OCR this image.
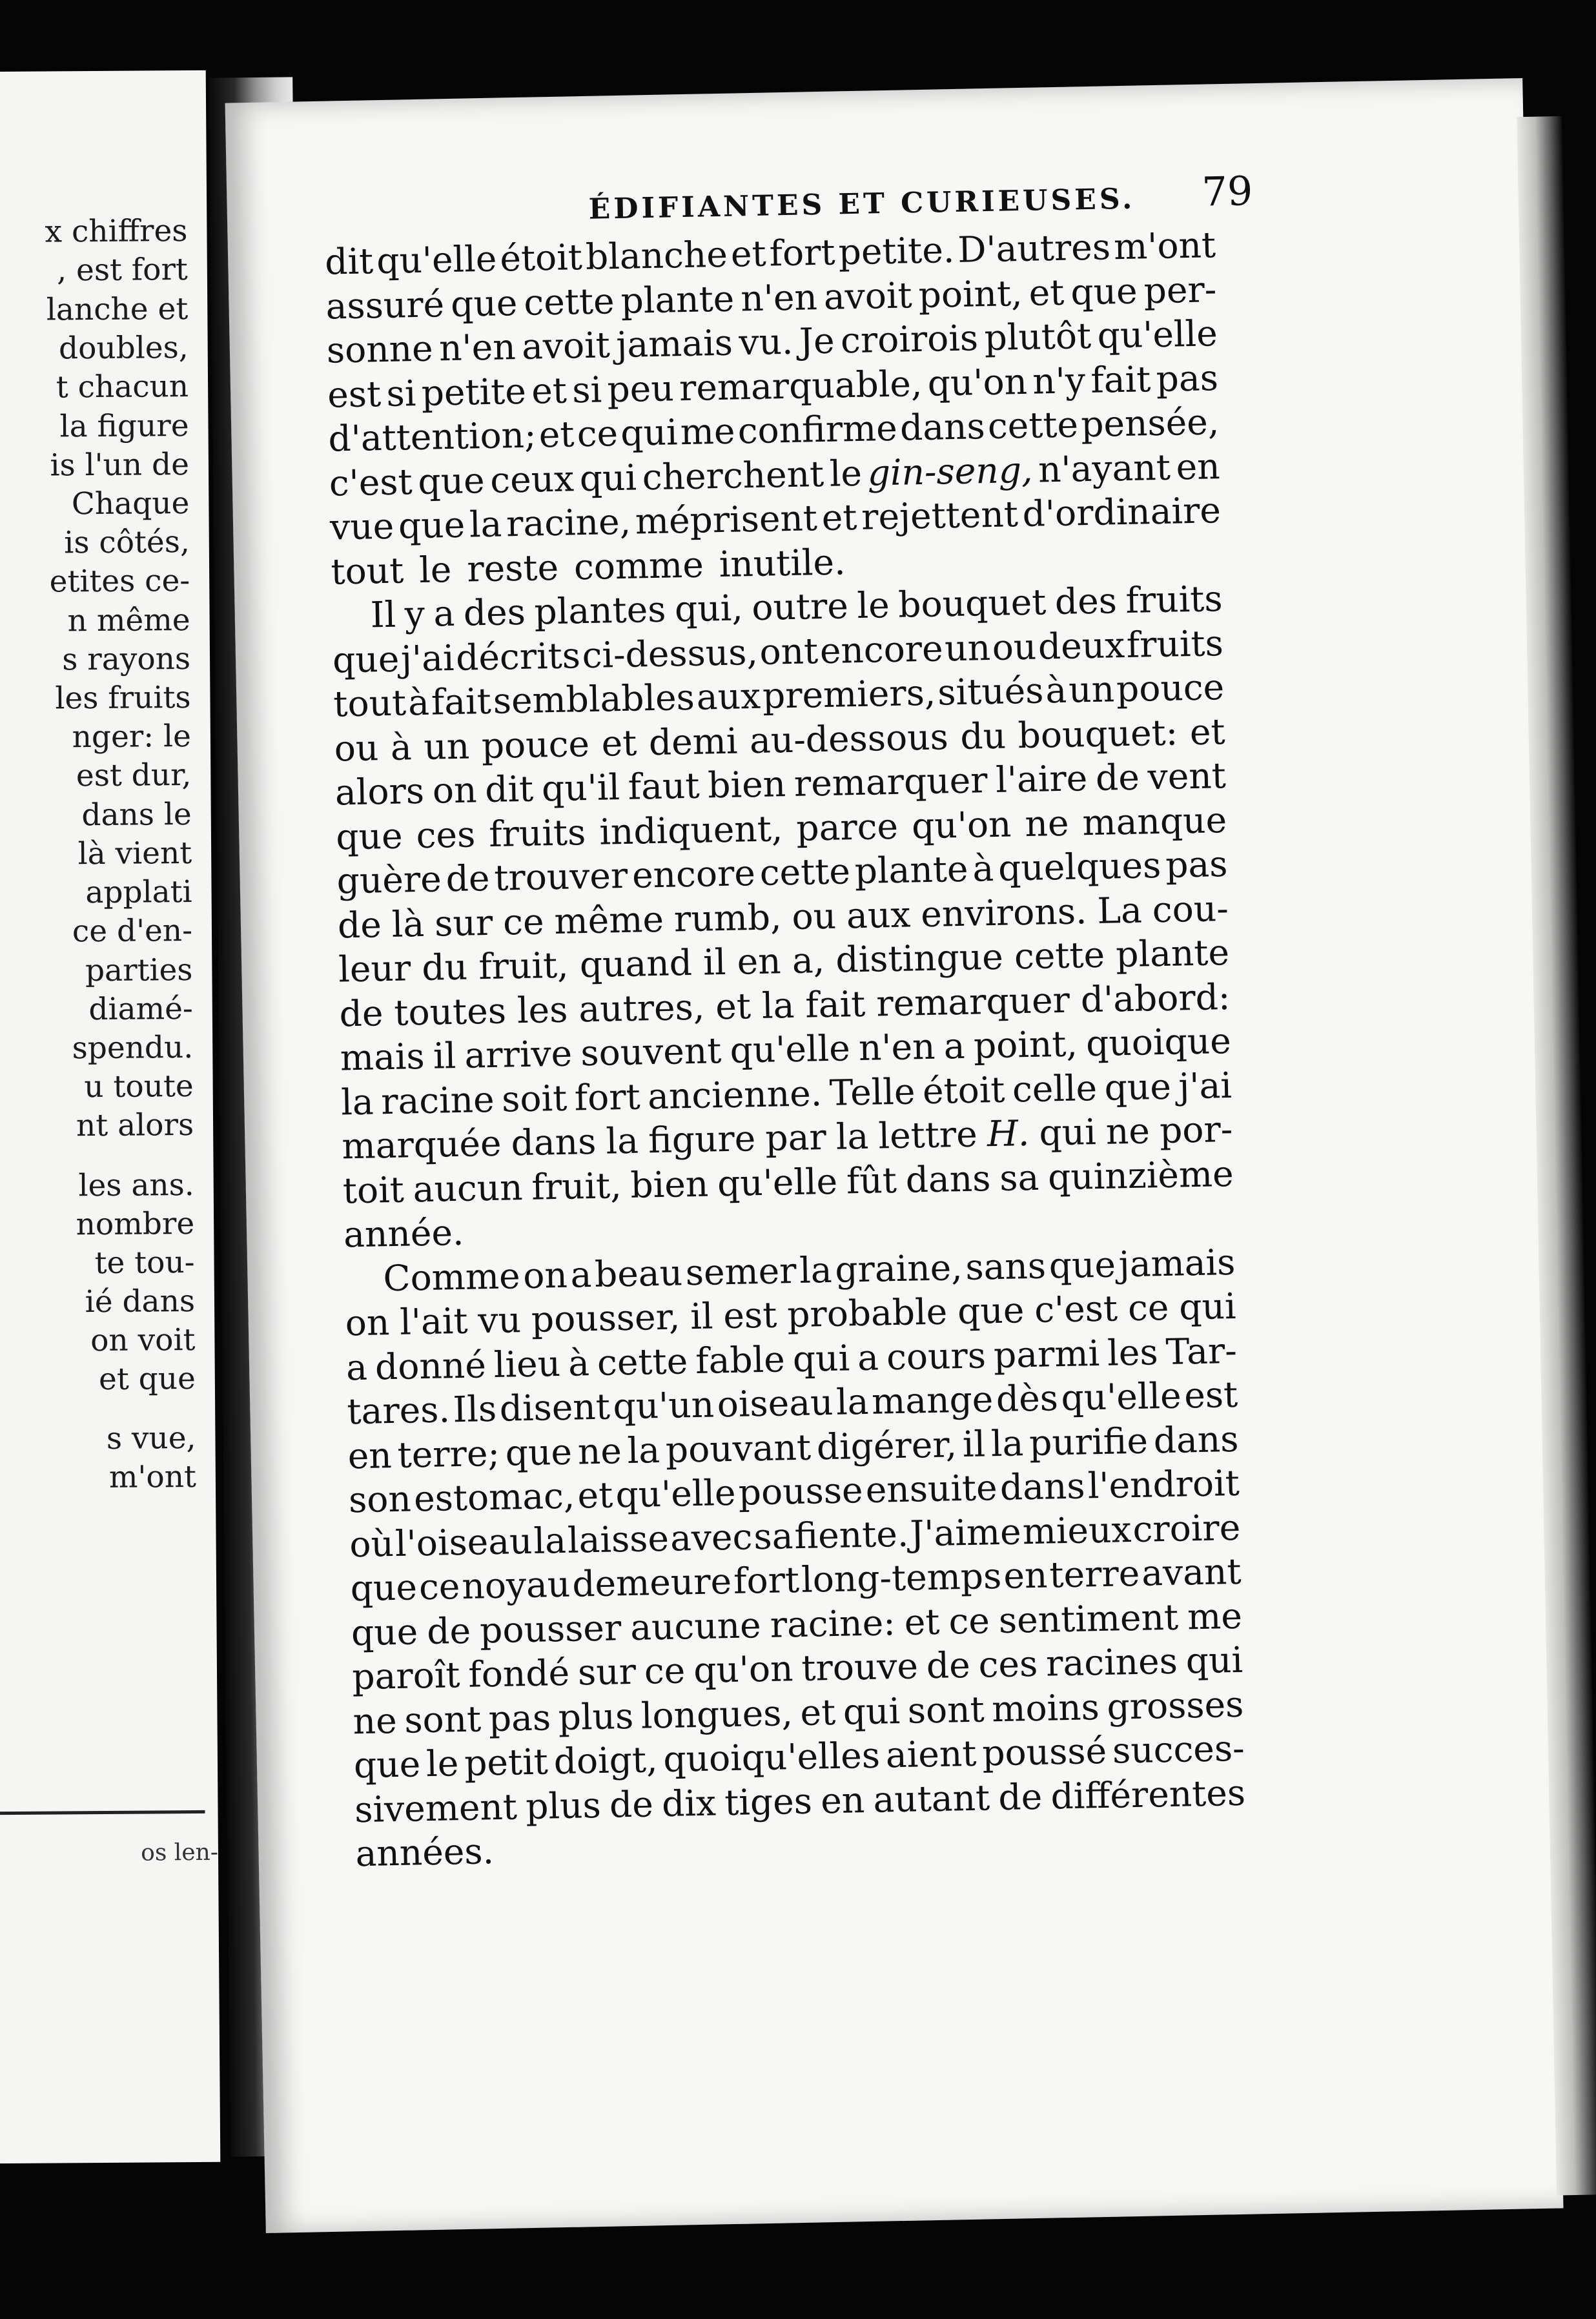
x chiffres
, est fort
lanche et
doubles,
t chacun
la figure
is l'un de
Chaque
is côtés,
etites ce-
n même
s rayons
les fruits
nger: le
est dur,
dans le
là vient
applati
ce d'en-
parties
diamé-
spendu.
u toute
nt alors
les ans.
nombre
te tou-
ié dans
on voit
et que
s vue,
m'ont
os len-
ÉDIFIANTES ET CURIEUSES. 79
dit qu'elle étoit blanche et fort petite. D'autres m'ont
assuré que cette plante n'en avoit point, et que per-
sonne n'en avoit jamais vu. Je croirois plutôt qu'elle
est si petite et si peu remarquable, qu'on n'y fait pas
d'attention; et ce qui me confirme dans cette pensée,
c'est que ceux qui cherchent le gin-seng, n'ayant en
vue que la racine, méprisent et rejettent d'ordinaire
tout le reste comme inutile.
Il y a des plantes qui, outre le bouquet des fruits
que j'ai décrits ci-dessus, ont encore un ou deux fruits
tout à fait semblables aux premiers, situés à un pouce
ou à un pouce et demi au-dessous du bouquet: et
alors on dit qu'il faut bien remarquer l'aire de vent
que ces fruits indiquent, parce qu'on ne manque
guère de trouver encore cette plante à quelques pas
de là sur ce même rumb, ou aux environs. La cou-
leur du fruit, quand il en a, distingue cette plante
de toutes les autres, et la fait remarquer d'abord:
mais il arrive souvent qu'elle n'en a point, quoique
la racine soit fort ancienne. Telle étoit celle que j'ai
marquée dans la figure par la lettre H. qui ne por-
toit aucun fruit, bien qu'elle fût dans sa quinzième
année.
Comme on a beau semer la graine, sans que jamais
on l'ait vu pousser, il est probable que c'est ce qui
a donné lieu à cette fable qui a cours parmi les Tar-
tares. Ils disent qu'un oiseau la mange dès qu'elle est
en terre; que ne la pouvant digérer, il la purifie dans
son estomac, et qu'elle pousse ensuite dans l'endroit
où l'oiseau la laisse avec sa fiente. J'aime mieux croire
que ce noyau demeure fort long-temps en terre avant
que de pousser aucune racine: et ce sentiment me
paroît fondé sur ce qu'on trouve de ces racines qui
ne sont pas plus longues, et qui sont moins grosses
que le petit doigt, quoiqu'elles aient poussé succes-
sivement plus de dix tiges en autant de différentes
années.
